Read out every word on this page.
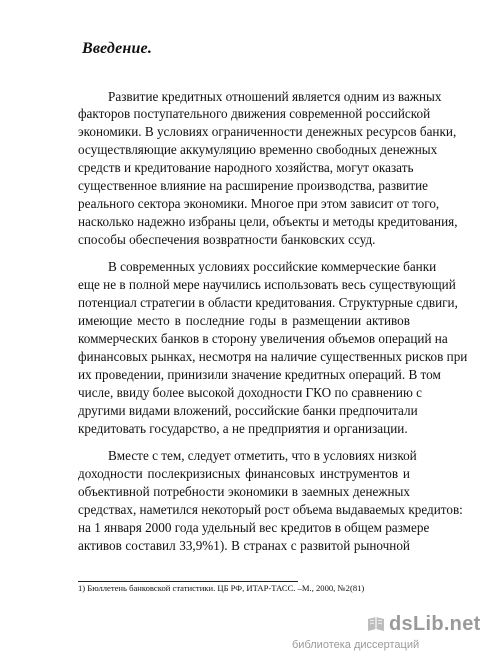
Введение.
Развитие кредитных отношений является одним из важных
факторов поступательного движения современной российской
экономики. В условиях ограниченности денежных ресурсов банки,
осуществляющие аккумуляцию временно свободных денежных
средств и кредитование народного хозяйства, могут оказать
существенное влияние на расширение производства, развитие
реального сектора экономики. Многое при этом зависит от того,
насколько надежно избраны цели, объекты и методы кредитования,
способы обеспечения возвратности банковских ссуд.
В современных условиях российские коммерческие банки
еще не в полной мере научились использовать весь существующий
потенциал стратегии в области кредитования. Структурные сдвиги,
имеющие место в последние годы в размещении активов
коммерческих банков в сторону увеличения объемов операций на
финансовых рынках, несмотря на наличие существенных рисков при
их проведении, принизили значение кредитных операций. В том
числе, ввиду более высокой доходности ГКО по сравнению с
другими видами вложений, российские банки предпочитали
кредитовать государство, а не предприятия и организации.
Вместе с тем, следует отметить, что в условиях низкой
доходности послекризисных финансовых инструментов и
объективной потребности экономики в заемных денежных
средствах, наметился некоторый рост объема выдаваемых кредитов:
на 1 января 2000 года удельный вес кредитов в общем размере
активов составил 33,9%1). В странах с развитой рыночной
1) Бюллетень банковской статистики. ЦБ РФ, ИТАР-ТАСС. –М., 2000, №2(81)
dsLib.net
библиотека диссертаций
